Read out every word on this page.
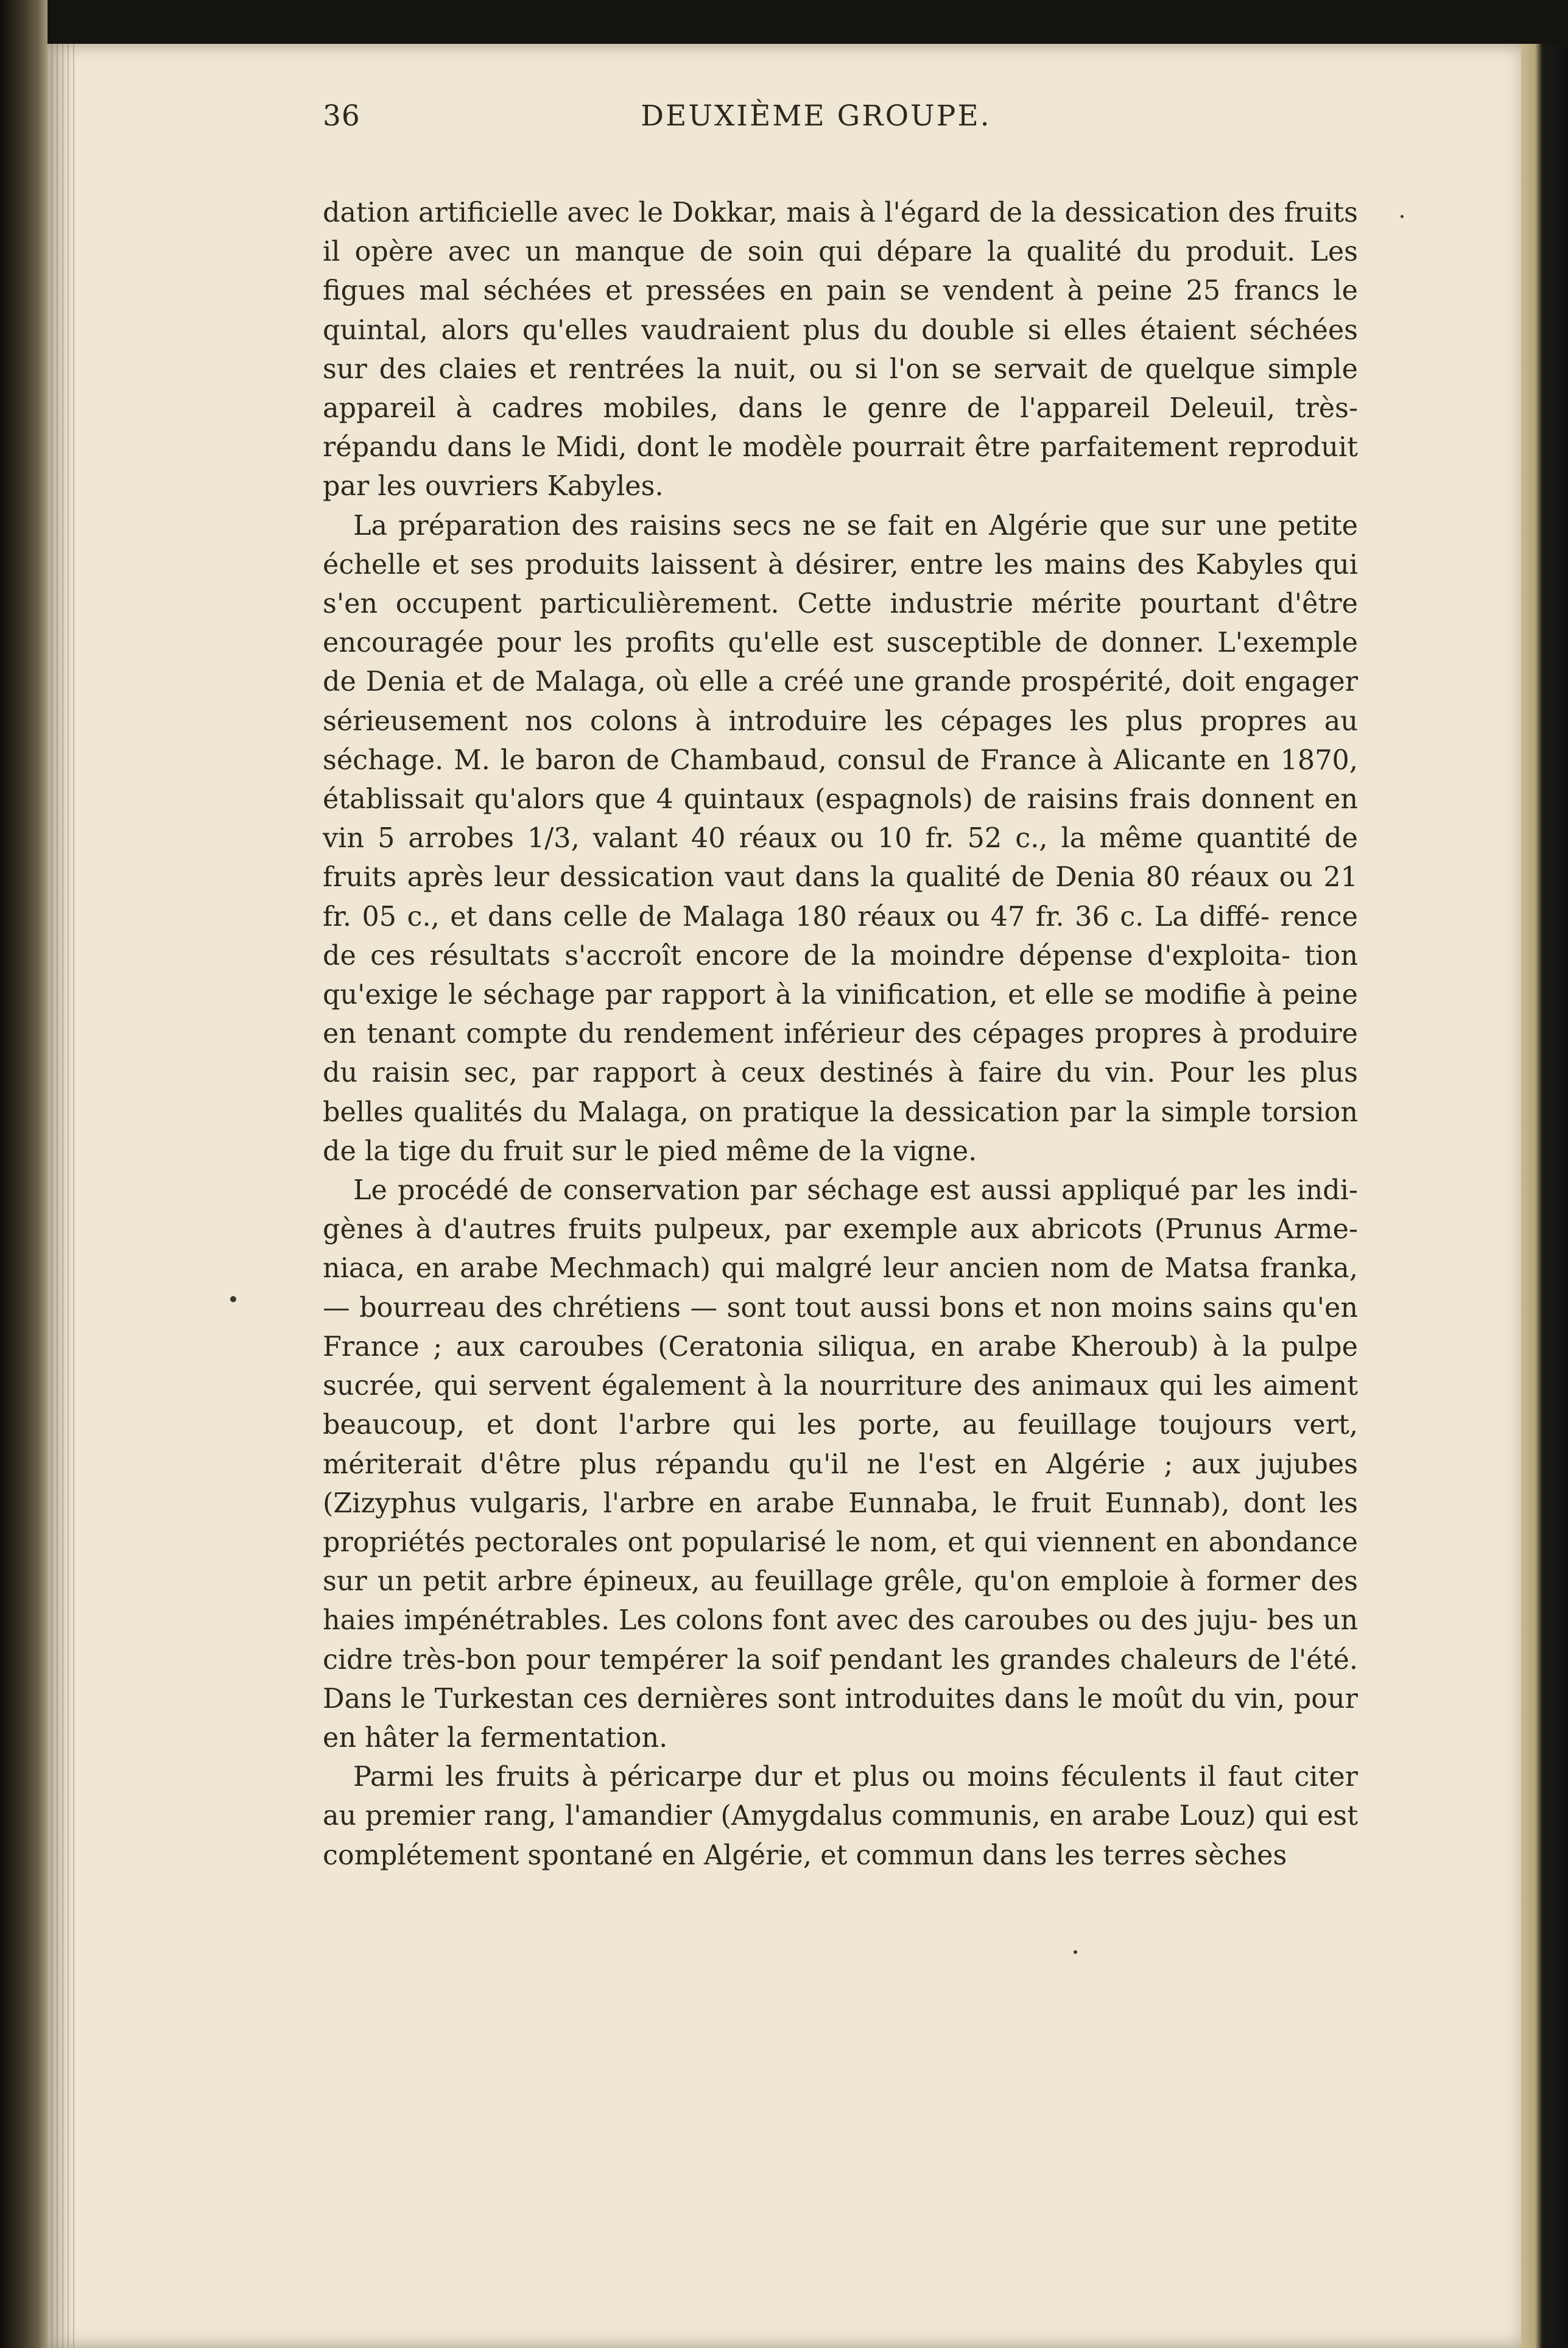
36	DEUXIÈME GROUPE.

dation artificielle avec le Dokkar, mais à l'égard de la dessication des fruits il opère avec un manque de soin qui dépare la qualité du produit. Les figues mal séchées et pressées en pain se vendent à peine 25 francs le quintal, alors qu'elles vaudraient plus du double si elles étaient séchées sur des claies et rentrées la nuit, ou si l'on se servait de quelque simple appareil à cadres mobiles, dans le genre de l'appareil Deleuil, très-répandu dans le Midi, dont le modèle pourrait être parfaitement reproduit par les ouvriers Kabyles.

La préparation des raisins secs ne se fait en Algérie que sur une petite échelle et ses produits laissent à désirer, entre les mains des Kabyles qui s'en occupent particulièrement. Cette industrie mérite pourtant d'être encouragée pour les profits qu'elle est susceptible de donner. L'exemple de Denia et de Malaga, où elle a créé une grande prospérité, doit engager sérieusement nos colons à introduire les cépages les plus propres au séchage. M. le baron de Chambaud, consul de France à Alicante en 1870, établissait qu'alors que 4 quintaux (espagnols) de raisins frais donnent en vin 5 arrobes 1/3, valant 40 réaux ou 10 fr. 52 c., la même quantité de fruits après leur dessication vaut dans la qualité de Denia 80 réaux ou 21 fr. 05 c., et dans celle de Malaga 180 réaux ou 47 fr. 36 c. La diffé- rence de ces résultats s'accroît encore de la moindre dépense d'exploita- tion qu'exige le séchage par rapport à la vinification, et elle se modifie à peine en tenant compte du rendement inférieur des cépages propres à produire du raisin sec, par rapport à ceux destinés à faire du vin. Pour les plus belles qualités du Malaga, on pratique la dessication par la simple torsion de la tige du fruit sur le pied même de la vigne.

Le procédé de conservation par séchage est aussi appliqué par les indi- gènes à d'autres fruits pulpeux, par exemple aux abricots (Prunus Arme- niaca, en arabe Mechmach) qui malgré leur ancien nom de Matsa franka, — bourreau des chrétiens — sont tout aussi bons et non moins sains qu'en France ; aux caroubes (Ceratonia siliqua, en arabe Kheroub) à la pulpe sucrée, qui servent également à la nourriture des animaux qui les aiment beaucoup, et dont l'arbre qui les porte, au feuillage toujours vert, mériterait d'être plus répandu qu'il ne l'est en Algérie ; aux jujubes (Zizyphus vulgaris, l'arbre en arabe Eunnaba, le fruit Eunnab), dont les propriétés pectorales ont popularisé le nom, et qui viennent en abondance sur un petit arbre épineux, au feuillage grêle, qu'on emploie à former des haies impénétrables. Les colons font avec des caroubes ou des juju- bes un cidre très-bon pour tempérer la soif pendant les grandes chaleurs de l'été. Dans le Turkestan ces dernières sont introduites dans le moût du vin, pour en hâter la fermentation.

Parmi les fruits à péricarpe dur et plus ou moins féculents il faut citer au premier rang, l'amandier (Amygdalus communis, en arabe Louz) qui est complétement spontané en Algérie, et commun dans les terres sèches
